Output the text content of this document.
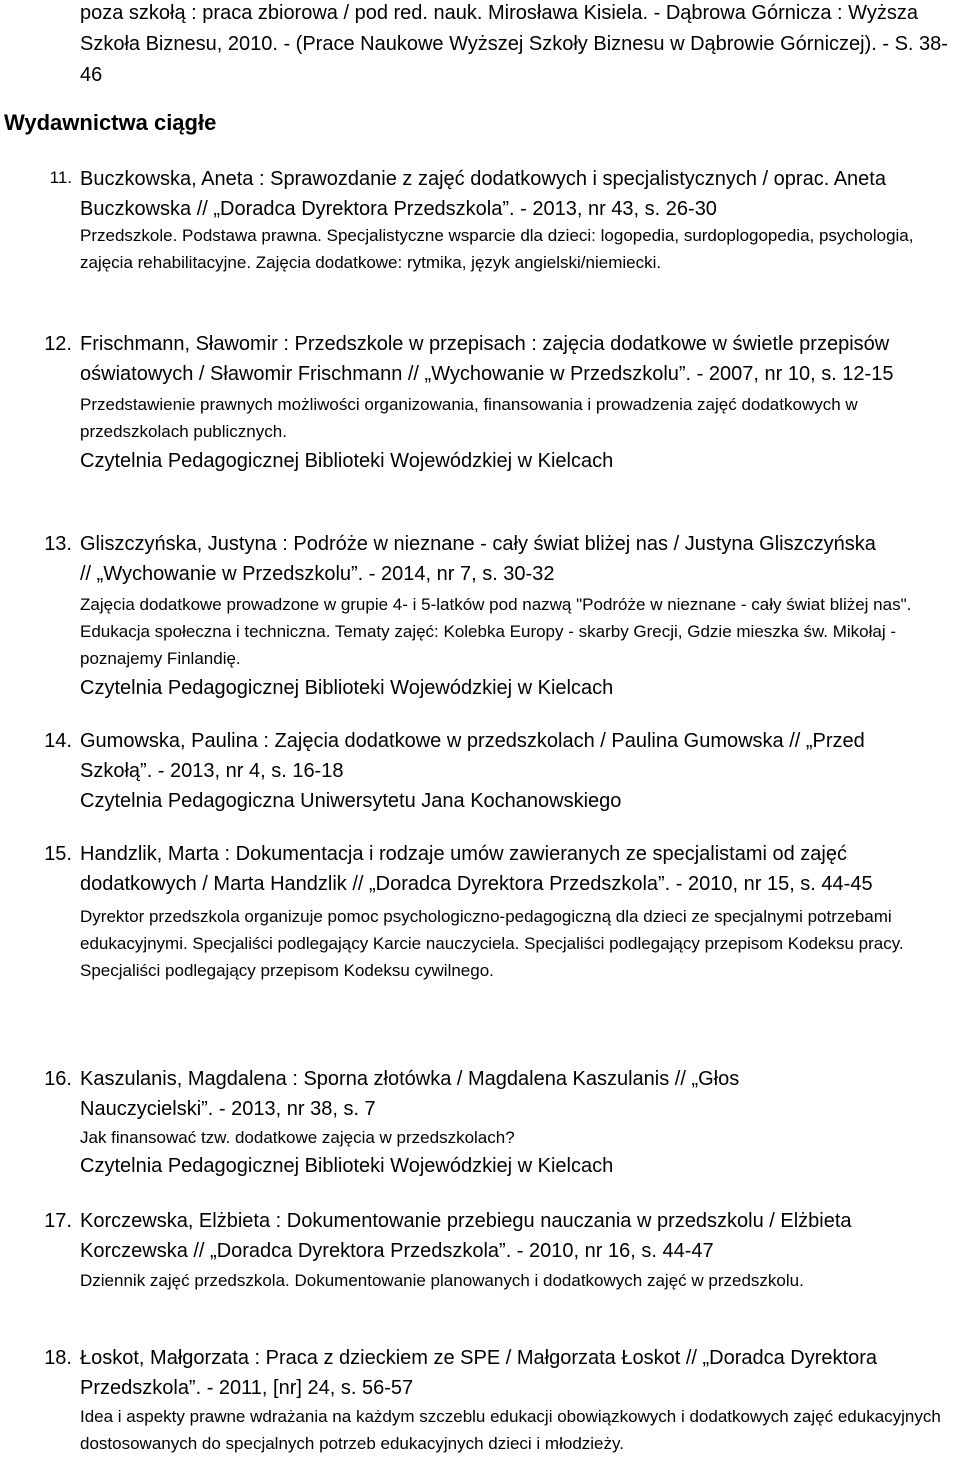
poza szkołą : praca zbiorowa / pod red. nauk. Mirosława Kisiela. - Dąbrowa Górnicza : Wyższa Szkoła Biznesu, 2010. - (Prace Naukowe Wyższej Szkoły Biznesu w Dąbrowie Górniczej). - S. 38-46

Wydawnictwa ciągłe
11. Buczkowska, Aneta : Sprawozdanie z zajęć dodatkowych i specjalistycznych / oprac. Aneta Buczkowska // „Doradca Dyrektora Przedszkola”. - 2013, nr 43, s. 26-30

Przedszkole. Podstawa prawna. Specjalistyczne wsparcie dla dzieci: logopedia, surdoplogopedia, psychologia, zajęcia rehabilitacyjne. Zajęcia dodatkowe: rytmika, język angielski/niemiecki.

12. Frischmann, Sławomir : Przedszkole w przepisach : zajęcia dodatkowe w świetle przepisów oświatowych / Sławomir Frischmann // „Wychowanie w Przedszkolu”. - 2007, nr 10, s. 12-15

Przedstawienie prawnych możliwości organizowania, finansowania i prowadzenia zajęć dodatkowych w przedszkolach publicznych.

Czytelnia Pedagogicznej Biblioteki Wojewódzkiej w Kielcach

13. Gliszczyńska, Justyna : Podróże w nieznane - cały świat bliżej nas / Justyna Gliszczyńska // „Wychowanie w Przedszkolu”. - 2014, nr 7, s. 30-32

Zajęcia dodatkowe prowadzone w grupie 4- i 5-latków pod nazwą "Podróże w nieznane - cały świat bliżej nas". Edukacja społeczna i techniczna. Tematy zajęć: Kolebka Europy - skarby Grecji, Gdzie mieszka św. Mikołaj - poznajemy Finlandię.

Czytelnia Pedagogicznej Biblioteki Wojewódzkiej w Kielcach

14. Gumowska, Paulina : Zajęcia dodatkowe w przedszkolach / Paulina Gumowska // „Przed Szkołą”. - 2013, nr 4, s. 16-18

Czytelnia Pedagogiczna Uniwersytetu Jana Kochanowskiego

15. Handzlik, Marta : Dokumentacja i rodzaje umów zawieranych ze specjalistami od zajęć dodatkowych / Marta Handzlik // „Doradca Dyrektora Przedszkola”. - 2010, nr 15, s. 44-45

Dyrektor przedszkola organizuje pomoc psychologiczno-pedagogiczną dla dzieci ze specjalnymi potrzebami edukacyjnymi. Specjaliści podlegający Karcie nauczyciela. Specjaliści podlegający przepisom Kodeksu pracy. Specjaliści podlegający przepisom Kodeksu cywilnego.

16. Kaszulanis, Magdalena : Sporna złotówka / Magdalena Kaszulanis // „Głos Nauczycielski”. - 2013, nr 38, s. 7

Jak finansować tzw. dodatkowe zajęcia w przedszkolach?

Czytelnia Pedagogicznej Biblioteki Wojewódzkiej w Kielcach

17. Korczewska, Elżbieta : Dokumentowanie przebiegu nauczania w przedszkolu / Elżbieta Korczewska // „Doradca Dyrektora Przedszkola”. - 2010, nr 16, s. 44-47

Dziennik zajęć przedszkola. Dokumentowanie planowanych i dodatkowych zajęć w przedszkolu.

18. Łoskot, Małgorzata : Praca z dzieckiem ze SPE / Małgorzata Łoskot // „Doradca Dyrektora Przedszkola”. - 2011, [nr] 24, s. 56-57

Idea i aspekty prawne wdrażania na każdym szczeblu edukacji obowiązkowych i dodatkowych zajęć edukacyjnych dostosowanych do specjalnych potrzeb edukacyjnych dzieci i młodzieży.
